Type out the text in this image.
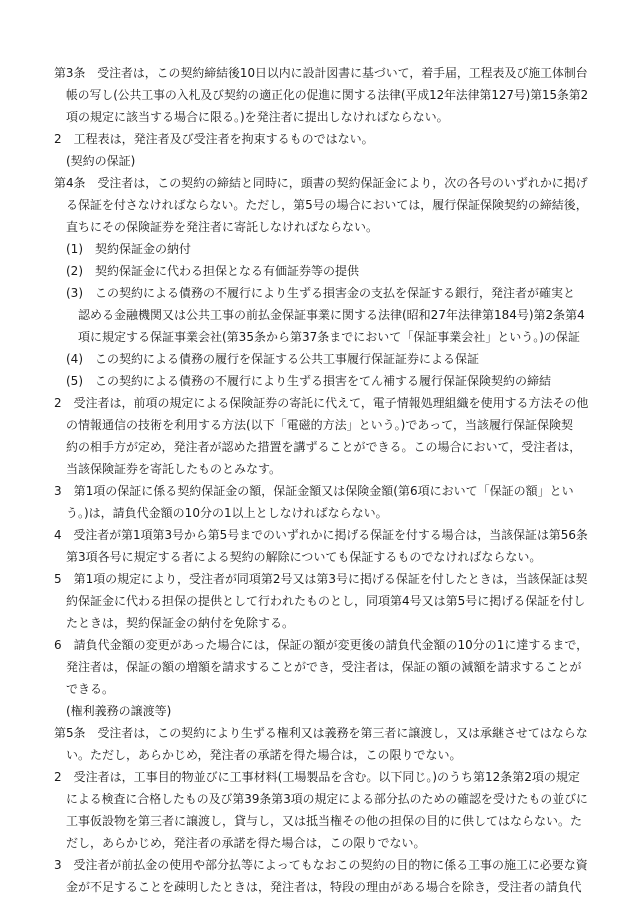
第3条　受注者は，この契約締結後10日以内に設計図書に基づいて，着手届，工程表及び施工体制台
帳の写し(公共工事の入札及び契約の適正化の促進に関する法律(平成12年法律第127号)第15条第2
項の規定に該当する場合に限る。)を発注者に提出しなければならない。
2　工程表は，発注者及び受注者を拘束するものではない。
(契約の保証)
第4条　受注者は，この契約の締結と同時に，頭書の契約保証金により，次の各号のいずれかに掲げ
る保証を付さなければならない。ただし，第5号の場合においては，履行保証保険契約の締結後，
直ちにその保険証券を発注者に寄託しなければならない。
(1)　契約保証金の納付
(2)　契約保証金に代わる担保となる有価証券等の提供
(3)　この契約による債務の不履行により生ずる損害金の支払を保証する銀行，発注者が確実と
認める金融機関又は公共工事の前払金保証事業に関する法律(昭和27年法律第184号)第2条第4
項に規定する保証事業会社(第35条から第37条までにおいて「保証事業会社」という。)の保証
(4)　この契約による債務の履行を保証する公共工事履行保証証券による保証
(5)　この契約による債務の不履行により生ずる損害をてん補する履行保証保険契約の締結
2　受注者は，前項の規定による保険証券の寄託に代えて，電子情報処理組織を使用する方法その他
の情報通信の技術を利用する方法(以下「電磁的方法」という。)であって，当該履行保証保険契
約の相手方が定め，発注者が認めた措置を講ずることができる。この場合において，受注者は，
当該保険証券を寄託したものとみなす。
3　第1項の保証に係る契約保証金の額，保証金額又は保険金額(第6項において「保証の額」とい
う。)は，請負代金額の10分の1以上としなければならない。
4　受注者が第1項第3号から第5号までのいずれかに掲げる保証を付する場合は，当該保証は第56条
第3項各号に規定する者による契約の解除についても保証するものでなければならない。
5　第1項の規定により，受注者が同項第2号又は第3号に掲げる保証を付したときは，当該保証は契
約保証金に代わる担保の提供として行われたものとし，同項第4号又は第5号に掲げる保証を付し
たときは，契約保証金の納付を免除する。
6　請負代金額の変更があった場合には，保証の額が変更後の請負代金額の10分の1に達するまで，
発注者は，保証の額の増額を請求することができ，受注者は，保証の額の減額を請求することが
できる。
(権利義務の譲渡等)
第5条　受注者は，この契約により生ずる権利又は義務を第三者に譲渡し，又は承継させてはならな
い。ただし，あらかじめ，発注者の承諾を得た場合は，この限りでない。
2　受注者は，工事目的物並びに工事材料(工場製品を含む。以下同じ。)のうち第12条第2項の規定
による検査に合格したもの及び第39条第3項の規定による部分払のための確認を受けたもの並びに
工事仮設物を第三者に譲渡し，貸与し，又は抵当権その他の担保の目的に供してはならない。た
だし，あらかじめ，発注者の承諾を得た場合は，この限りでない。
3　受注者が前払金の使用や部分払等によってもなおこの契約の目的物に係る工事の施工に必要な資
金が不足することを疎明したときは，発注者は，特段の理由がある場合を除き，受注者の請負代
